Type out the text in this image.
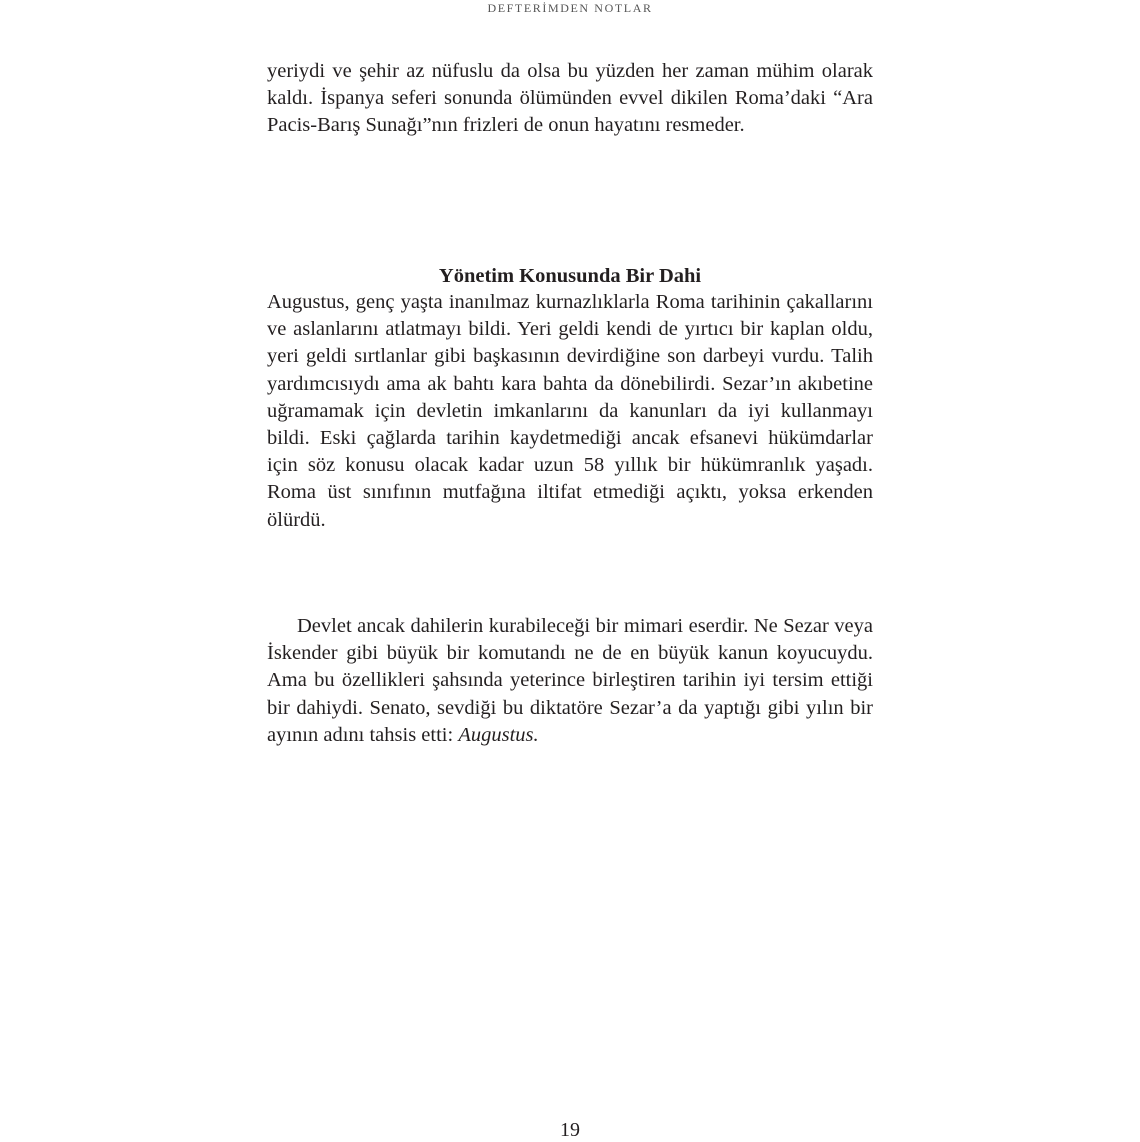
DEFTERİMDEN NOTLAR

yeriydi ve şehir az nüfuslu da olsa bu yüzden her zaman mühim olarak kaldı. İspanya seferi sonunda ölümünden evvel dikilen Roma’daki “Ara Pacis-Barış Sunağı”nın frizleri de onun hayatını resmeder.

Yönetim Konusunda Bir Dahi

Augustus, genç yaşta inanılmaz kurnazlıklarla Roma tarihinin çakallarını ve aslanlarını atlatmayı bildi. Yeri geldi kendi de yırtıcı bir kaplan oldu, yeri geldi sırtlanlar gibi başkasının devirdiğine son darbeyi vurdu. Talih yardımcısıydı ama ak bahtı kara bahta da dönebilirdi. Sezar’ın akıbetine uğramamak için devletin imkanlarını da kanunları da iyi kullanmayı bildi. Eski çağlarda tarihin kaydetmediği ancak efsanevi hükümdarlar için söz konusu olacak kadar uzun 58 yıllık bir hükümranlık yaşadı. Roma üst sınıfının mutfağına iltifat etmediği açıktı, yoksa erkenden ölürdü.

Devlet ancak dahilerin kurabileceği bir mimari eserdir. Ne Sezar veya İskender gibi büyük bir komutandı ne de en büyük kanun koyucuydu. Ama bu özellikleri şahsında yeterince birleştiren tarihin iyi tersim ettiği bir dahiydi. Senato, sevdiği bu diktatöre Sezar’a da yaptığı gibi yılın bir ayının adını tahsis etti: Augustus.

19
